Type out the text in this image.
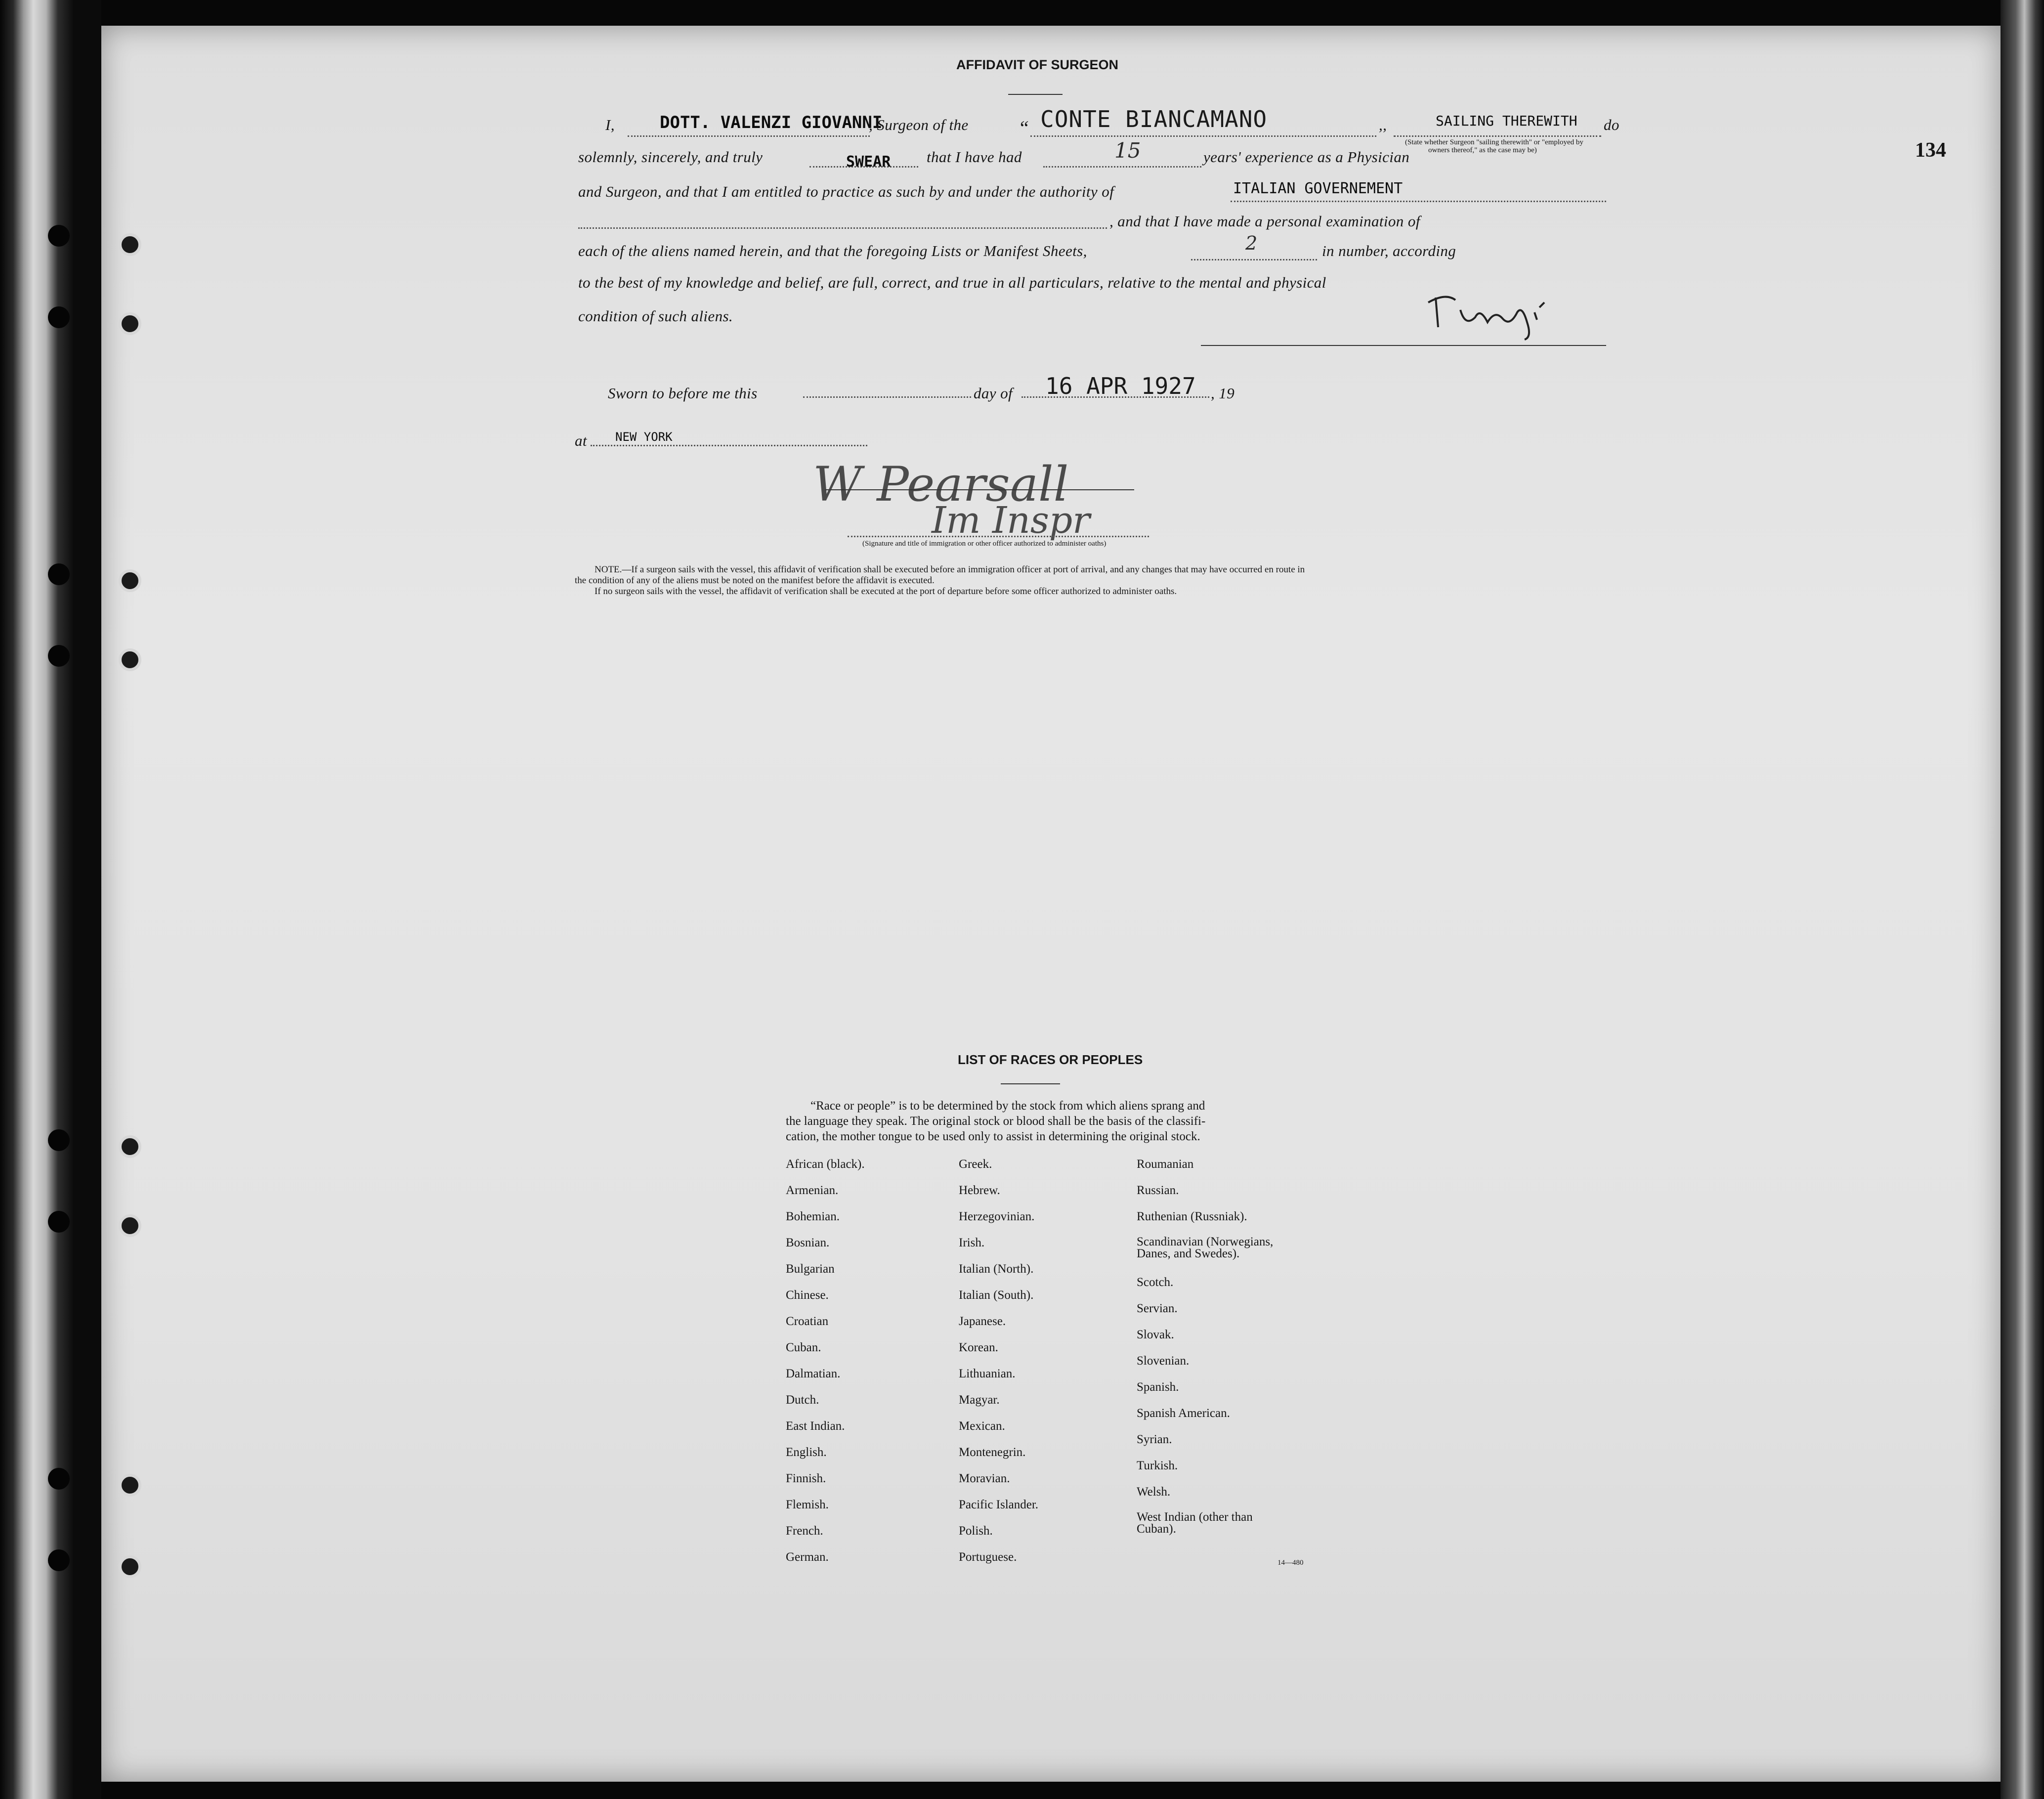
134
AFFIDAVIT OF SURGEON
I,	DOTT. VALENZI GIOVANNI
, Surgeon of the	“ CONTE BIANCAMANO	,,	SAILING THEREWITH
(State whether Surgeon "sailing therewith" or "employed by
owners thereof," as the case may be)
do
solemnly, sincerely, and truly	SWEAR that I have had	15	years' experience as a Physician
and Surgeon, and that I am entitled to practice as such by and under the authority of	ITALIAN GOVERNEMENT
, and that I have made a personal examination of
each of the aliens named herein, and that the foregoing Lists or Manifest Sheets,	2	in number, according
to the best of my knowledge and belief, are full, correct, and true in all particulars, relative to the mental and physical
condition of such aliens.
Sworn to before me this	day of 16 APR 1927 , 19
at NEW YORK
W Pearsall
Im Inspr
(Signature and title of immigration or other officer authorized to administer oaths)
NOTE.—If a surgeon sails with the vessel, this affidavit of verification shall be executed before an immigration officer at port of arrival, and any changes that may have occurred en route in
the condition of any of the aliens must be noted on the manifest before the affidavit is executed.
If no surgeon sails with the vessel, the affidavit of verification shall be executed at the port of departure before some officer authorized to administer oaths.
LIST OF RACES OR PEOPLES
“Race or people” is to be determined by the stock from which aliens sprang and
the language they speak. The original stock or blood shall be the basis of the classifi-
cation, the mother tongue to be used only to assist in determining the original stock.
African (black).
Armenian.
Bohemian.
Bosnian.
Bulgarian
Chinese.
Croatian
Cuban.
Dalmatian.
Dutch.
East Indian.
English.
Finnish.
Flemish.
French.
German.
Greek.
Hebrew.
Herzegovinian.
Irish.
Italian (North).
Italian (South).
Japanese.
Korean.
Lithuanian.
Magyar.
Mexican.
Montenegrin.
Moravian.
Pacific Islander.
Polish.
Portuguese.
Roumanian
Russian.
Ruthenian (Russniak).
Scandinavian (Norwegians,
Danes, and Swedes).
Scotch.
Servian.
Slovak.
Slovenian.
Spanish.
Spanish American.
Syrian.
Turkish.
Welsh.
West Indian (other than
Cuban).
14—480
